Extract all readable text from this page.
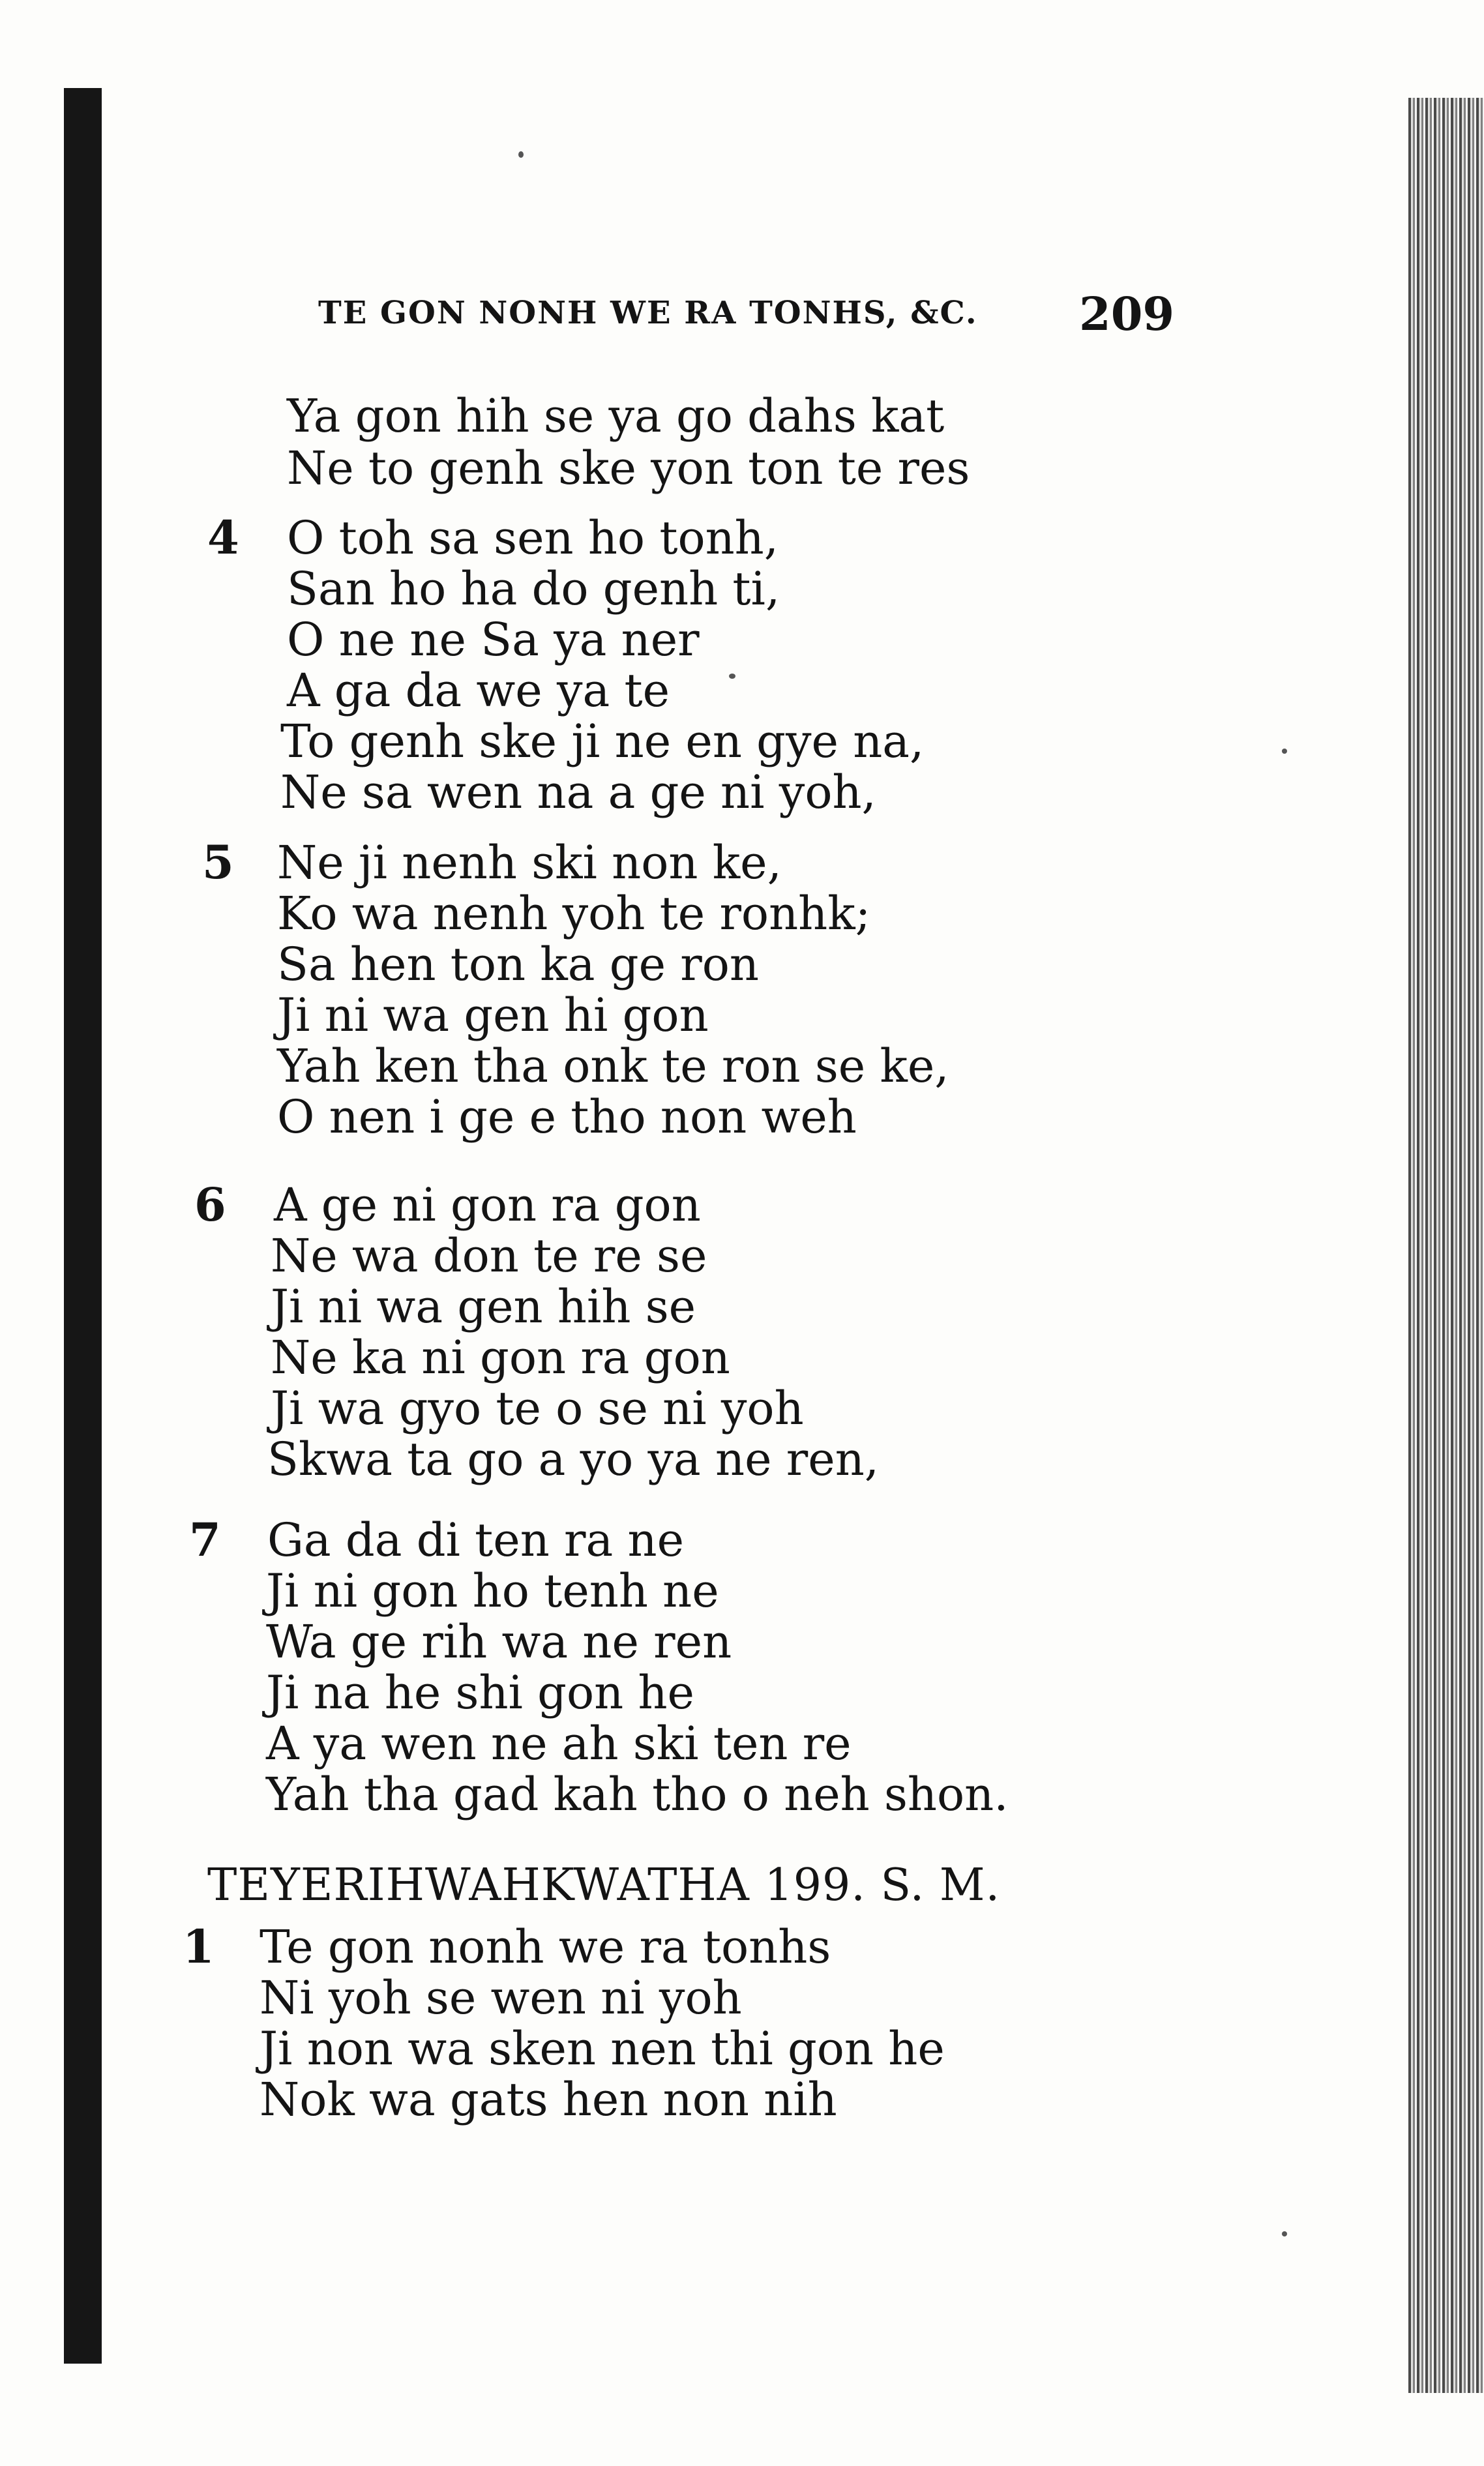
TE GON NONH WE RA TONHS, &C. 209
Ya gon hih se ya go dahs kat
Ne to genh ske yon ton te res
4 O toh sa sen ho tonh,
San ho ha do genh ti,
O ne ne Sa ya ner
A ga da we ya te
To genh ske ji ne en gye na,
Ne sa wen na a ge ni yoh,
5 Ne ji nenh ski non ke,
Ko wa nenh yoh te ronhk;
Sa hen ton ka ge ron
Ji ni wa gen hi gon
Yah ken tha onk te ron se ke,
O nen i ge e tho non weh
6 A ge ni gon ra gon
Ne wa don te re se
Ji ni wa gen hih se
Ne ka ni gon ra gon
Ji wa gyo te o se ni yoh
Skwa ta go a yo ya ne ren,
7 Ga da di ten ra ne
Ji ni gon ho tenh ne
Wa ge rih wa ne ren
Ji na he shi gon he
A ya wen ne ah ski ten re
Yah tha gad kah tho o neh shon.
TEYERIHWAHKWATHA 199. S. M.
1 Te gon nonh we ra tonhs
Ni yoh se wen ni yoh
Ji non wa sken nen thi gon he
Nok wa gats hen non nih
